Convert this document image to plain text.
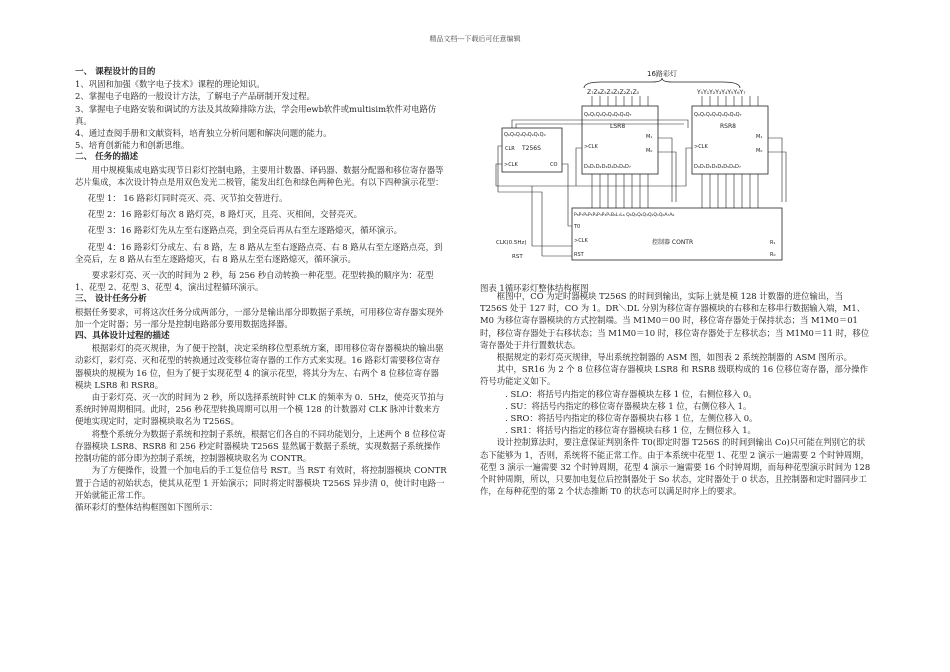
精品文档---下载后可任意编辑

一、 课程设计的目的

1、巩固和加强《数字电子技术》课程的理论知识。

2、掌握电子电路的一般设计方法，了解电子产品研制开发过程。

3、掌握电子电路安装和调试的方法及其故障排除方法，学会用ewb软件或multisim软件对电路仿真。

4、通过查阅手册和文献资料，培育独立分析问题和解决问题的能力。

5、培育创新能力和创新思维。

二、 任务的描述

用中规模集成电路实现节日彩灯控制电路，主要用计数器、译码器、数据分配器和移位寄存器等芯片集成，本次设计特点是用双色发光二极管，能发出红色和绿色两种色光。有以下四种演示花型：

花型 1： 16 路彩灯同时亮灭、亮、灭节拍交替进行。

花型 2：16 路彩灯每次 8 路灯亮，8 路灯灭，且亮、灭相间，交替亮灭。

花型 3：16 路彩灯先从左至右逐路点亮，到全亮后再从右至左逐路熄灭，循环演示。

花型 4：16 路彩灯分成左、右 8 路，左 8 路从左至右逐路点亮、右 8 路从右至左逐路点亮，到全亮后，左 8 路从右至左逐路熄灭，右 8 路从左至右逐路熄灭，循环演示。

要求彩灯亮、灭一次的时间为 2 秒，每 256 秒自动转换一种花型。花型转换的顺序为：花型 1、花型 2、花型 3、花型 4，演出过程循环演示。

三、 设计任务分析

根据任务要求，可将这次任务分成两部分，一部分是输出部分即数据子系统，可用移位寄存器实现外加一个定时器；另一部分是控制电路部分要用数据选择器。

四、具体设计过程的描述

根据彩灯的亮灭规律，为了便于控制，决定采纳移位型系统方案，即用移位寄存器模块的输出驱动彩灯，彩灯亮、灭和花型的转换通过改变移位寄存器的工作方式来实现。16 路彩灯需要移位寄存器模块的规模为 16 位，但为了便于实现花型 4 的演示花型，将其分为左、右两个 8 位移位寄存器模块 LSR8 和 RSR8。

由于彩灯亮、灭一次的时间为 2 秒，所以选择系统时钟 CLK 的频率为 0．5Hz，使亮灭节拍与系统时钟周期相同。此时，256 秒花型转换周期可以用一个模 128 的计数器对 CLK 脉冲计数来方便地实现定时，定时器模块取名为 T256S。

将整个系统分为数据子系统和控制子系统，根据它们各自的不同功能划分，上述两个 8 位移位寄存器模块 LSR8、RSR8 和 256 秒定时器模块 T256S 显然属于数据子系统，实现数据子系统操作控制功能的部分即为控制子系统，控制器模块取名为 CONTR。

为了方便操作，设置一个加电后的手工复位信号 RST。当 RST 有效时，将控制器模块 CONTR 置于合适的初始状态，使其从花型 1 开始演示；同时将定时器模块 T256S 异步清 0，使计时电路一开始就能正常工作。

循环彩灯的整体结构框图如下图所示：

16路彩灯
Z₇Z₆Z₅Z₄Z₃Z₂Z₁Z₀	Y₀Y₁Y₂Y₃Y₄Y₅Y₆Y₇
Q₆Q₅Q₄Q₃Q₂Q₁Q₀
T256S
CLR
>CLK	CO
Q₀Q₁Q₂Q₃Q₄Q₅Q₆Q₇
LSR8
M₁
>CLK
M₀
D₀D₁D₂D₃D₄D₅D₆D₇
Q₀Q₁Q₂Q₃Q₄Q₅Q₆Q₇
RSR8
M₁
>CLK
M₀
D₀D₁D₂D₃D₄D₅D₆D₇
P₈P₇P₆P₅P₄P₃P₂P₁B₀L₇L₆ Q₆Q₅Q₄Q₃Q₂Q₁Q₀A₇A₆
T0
>CLK	控制器 CONTR
RST
R₁
R₀
CLK(0.5Hz)
RST
图表 1循环彩灯整体结构框图

框图中，CO 为定时器模块 T256S 的时间到输出，实际上就是模 128 计数器的进位输出，当 T256S 处于 127 时，CO 为 1。DR＼DL 分别为移位寄存器模块的右移和左移串行数据输入端，M1、M0 为移位寄存器模块的方式控制端。当 M1M0＝00 时，移位寄存器处于保持状态；当 M1M0＝01 时，移位寄存器处于右移状态；当 M1M0＝10 时，移位寄存器处于左移状态；当 M1M0＝11 时，移位寄存器处于并行置数状态。

根据规定的彩灯亮灭规律，导出系统控制器的 ASM 图，如图表 2 系统控制器的 ASM 图所示。

其中，SR16 为 2 个 8 位移位寄存器模块 LSR8 和 RSR8 级联构成的 16 位移位寄存器，部分操作符号功能定义如下。

. SLO：将括号内指定的移位寄存器模块左移 1 位，右侧位移入 0。

. SU：将括号内指定的移位寄存器模块左移 1 位，右侧位移入 1。

. SRO：将括号内指定的移位寄存器模块右移 1 位，左侧位移入 0。

. SR1：将括号内指定的移位寄存器模块右移 1 位，左侧位移入 1。

设计控制算法时，要注意保证判别条件 T0(即定时器 T256S 的时间到输出 Co)只可能在判别它的状态下能够为 1，否则，系统将不能正常工作。由于本系统中花型 1、花型 2 演示一遍需要 2 个时钟周期，花型 3 演示一遍需要 32 个时钟周期，花型 4 演示一遍需要 16 个时钟周期，而每种花型演示时间为 128 个时钟周期，所以，只要加电复位后控制器处于 So 状态，定时器处于 0 状态，且控制器和定时器同步工作，在每种花型的第 2 个状态推断 T0 的状态可以满足时序上的要求。
